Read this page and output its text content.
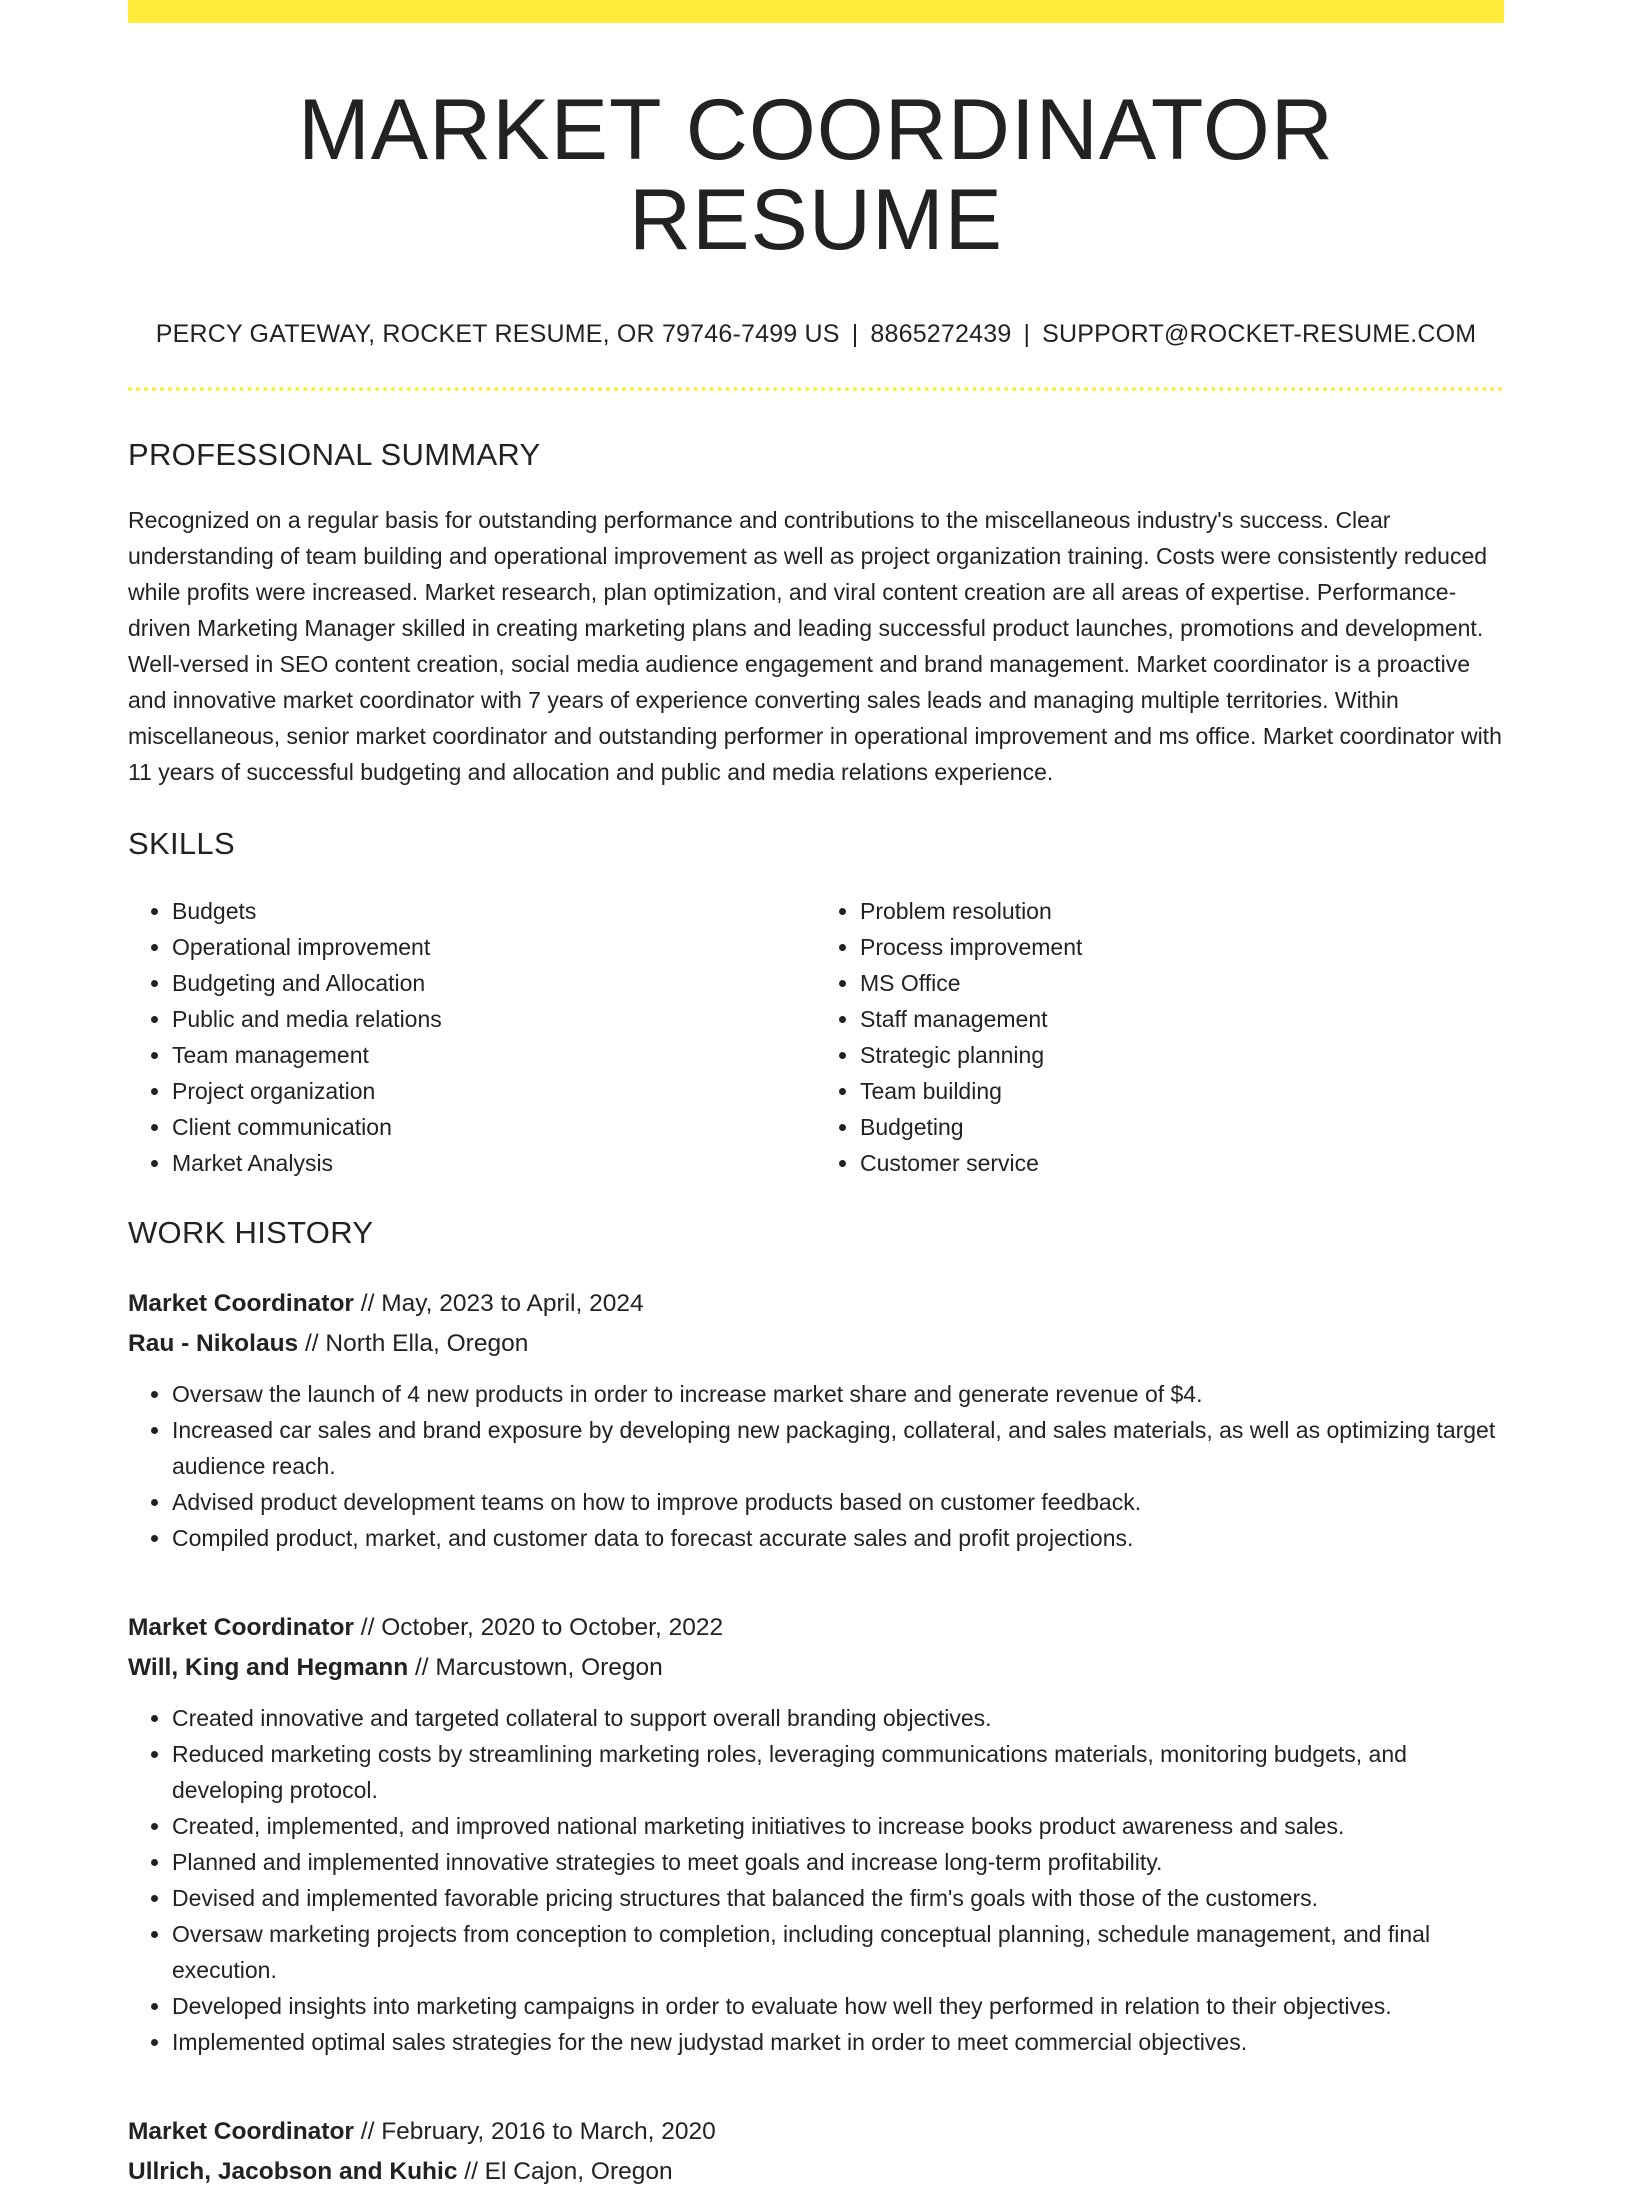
MARKET COORDINATOR RESUME
PERCY GATEWAY, ROCKET RESUME, OR 79746-7499 US | 8865272439 | SUPPORT@ROCKET-RESUME.COM
PROFESSIONAL SUMMARY
Recognized on a regular basis for outstanding performance and contributions to the miscellaneous industry's success. Clear understanding of team building and operational improvement as well as project organization training. Costs were consistently reduced while profits were increased. Market research, plan optimization, and viral content creation are all areas of expertise. Performance-driven Marketing Manager skilled in creating marketing plans and leading successful product launches, promotions and development. Well-versed in SEO content creation, social media audience engagement and brand management. Market coordinator is a proactive and innovative market coordinator with 7 years of experience converting sales leads and managing multiple territories. Within miscellaneous, senior market coordinator and outstanding performer in operational improvement and ms office. Market coordinator with 11 years of successful budgeting and allocation and public and media relations experience.
SKILLS
• Budgets
• Operational improvement
• Budgeting and Allocation
• Public and media relations
• Team management
• Project organization
• Client communication
• Market Analysis
• Problem resolution
• Process improvement
• MS Office
• Staff management
• Strategic planning
• Team building
• Budgeting
• Customer service
WORK HISTORY
Market Coordinator // May, 2023 to April, 2024
Rau - Nikolaus // North Ella, Oregon
• Oversaw the launch of 4 new products in order to increase market share and generate revenue of $4.
• Increased car sales and brand exposure by developing new packaging, collateral, and sales materials, as well as optimizing target audience reach.
• Advised product development teams on how to improve products based on customer feedback.
• Compiled product, market, and customer data to forecast accurate sales and profit projections.
Market Coordinator // October, 2020 to October, 2022
Will, King and Hegmann // Marcustown, Oregon
• Created innovative and targeted collateral to support overall branding objectives.
• Reduced marketing costs by streamlining marketing roles, leveraging communications materials, monitoring budgets, and developing protocol.
• Created, implemented, and improved national marketing initiatives to increase books product awareness and sales.
• Planned and implemented innovative strategies to meet goals and increase long-term profitability.
• Devised and implemented favorable pricing structures that balanced the firm's goals with those of the customers.
• Oversaw marketing projects from conception to completion, including conceptual planning, schedule management, and final execution.
• Developed insights into marketing campaigns in order to evaluate how well they performed in relation to their objectives.
• Implemented optimal sales strategies for the new judystad market in order to meet commercial objectives.
Market Coordinator // February, 2016 to March, 2020
Ullrich, Jacobson and Kuhic // El Cajon, Oregon
